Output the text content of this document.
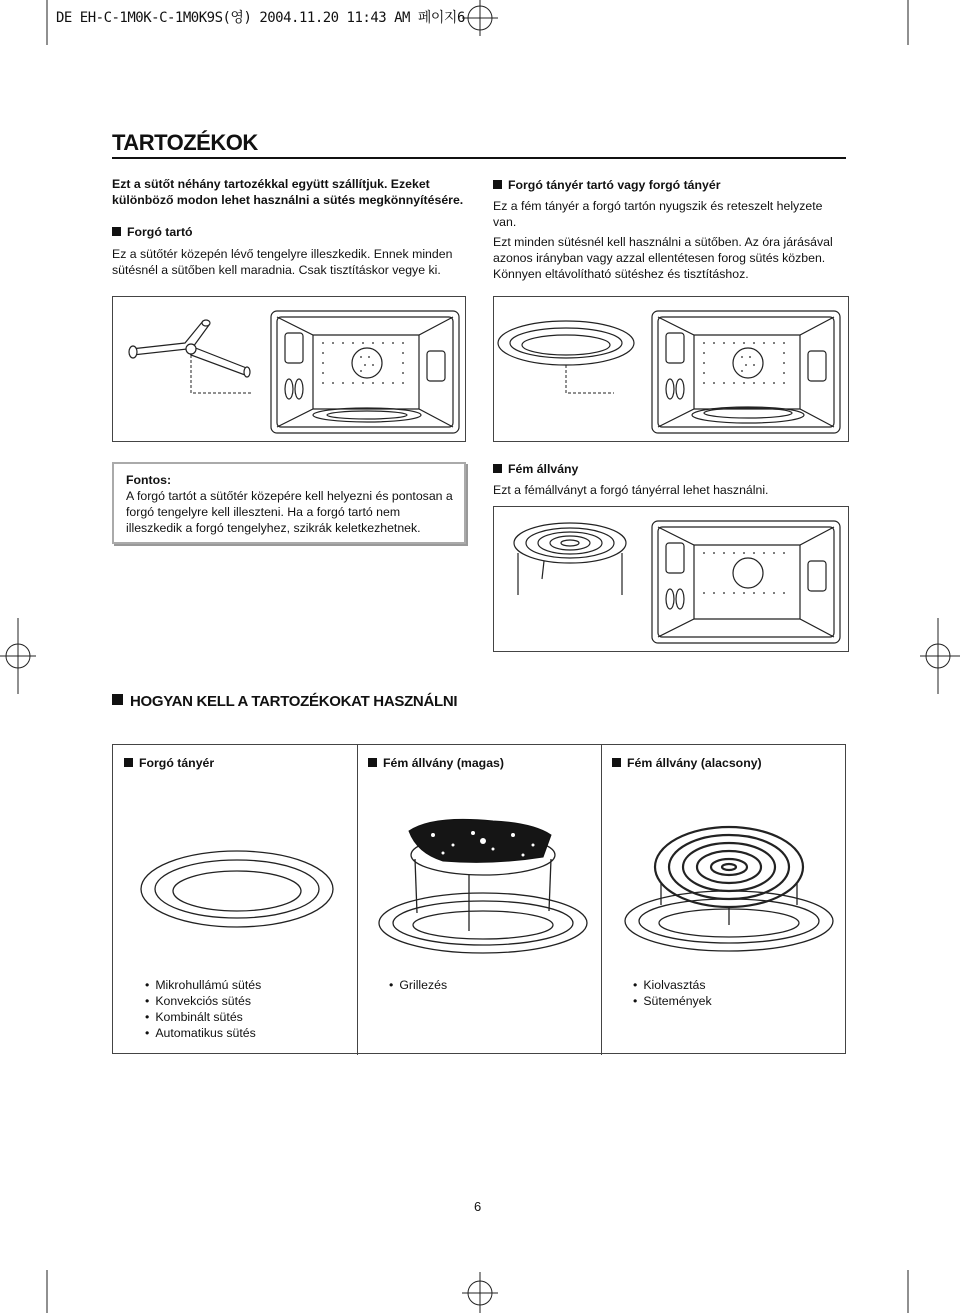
DE EH-C-1M0K-C-1M0K9S(영) 2004.11.20 11:43 AM 페이지6
TARTOZÉKOK
Ezt a sütőt néhány tartozékkal együtt szállítjuk. Ezeket különböző modon lehet használni a sütés megkönnyítésére.
Forgó tartó
Ez a sütőtér közepén lévő tengelyre illeszkedik. Ennek minden sütésnél a sütőben kell maradnia. Csak tisztításkor vegye ki.
Forgó tányér tartó vagy forgó tányér
Ez a fém tányér a forgó tartón nyugszik és reteszelt helyzete van.
Ezt minden sütésnél kell használni a sütőben. Az óra járásával azonos irányban vagy azzal ellentétesen forog sütés közben. Könnyen eltávolítható sütéshez és tisztításhoz.
Fontos:
A forgó tartót a sütőtér közepére kell helyezni és pontosan a forgó tengelyre kell illeszteni. Ha a forgó tartó nem illeszkedik a forgó tengelyhez, szikrák keletkezhetnek.
Fém állvány
Ezt a fémállványt a forgó tányérral lehet használni.
HOGYAN KELL A TARTOZÉKOKAT HASZNÁLNI
Forgó tányér
• Mikrohullámú sütés
• Konvekciós sütés
• Kombinált sütés
• Automatikus sütés
Fém állvány (magas)
• Grillezés
Fém állvány (alacsony)
• Kiolvasztás
• Sütemények
6
